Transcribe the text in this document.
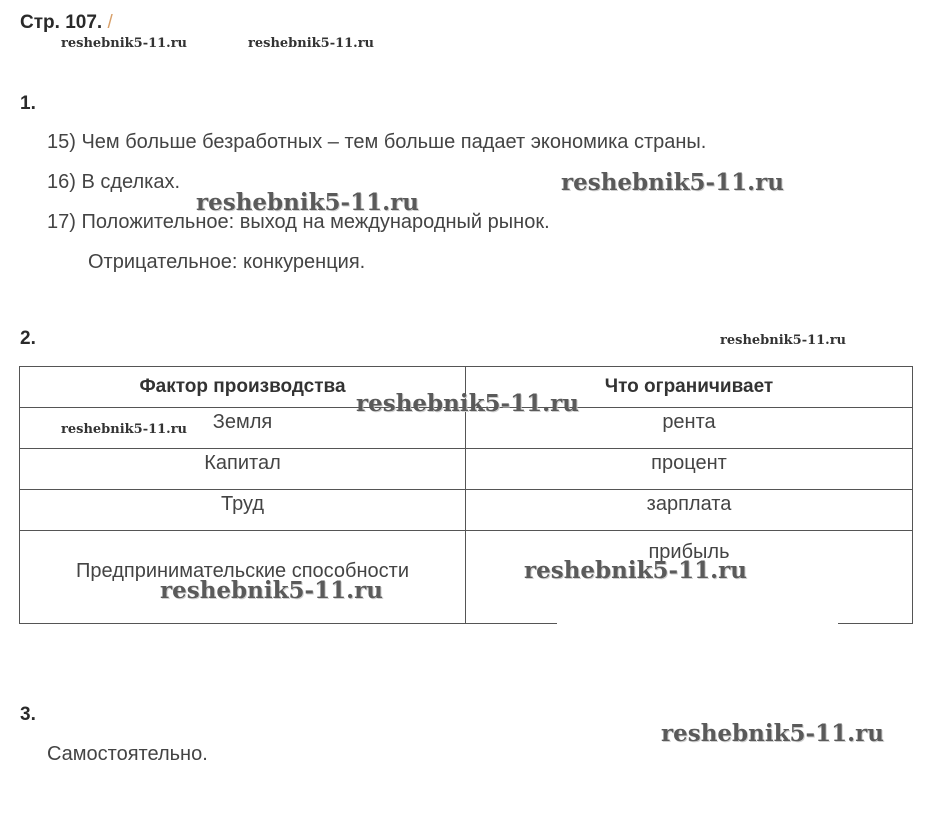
Стр. 107. /
reshebnik5-11.ru	reshebnik5-11.ru
1.
15) Чем больше безработных – тем больше падает экономика страны.
16) В сделках.
17) Положительное: выход на международный рынок.
Отрицательное: конкуренция.
reshebnik5-11.ru
reshebnik5-11.ru
2.	reshebnik5-11.ru
Фактор производства	Что ограничивает

Земля	рента

Капитал	процент

Труд	зарплата

Предпринимательские способности	прибыль
reshebnik5-11.ru
reshebnik5-11.ru
reshebnik5-11.ru
reshebnik5-11.ru
3.
reshebnik5-11.ru
Самостоятельно.
